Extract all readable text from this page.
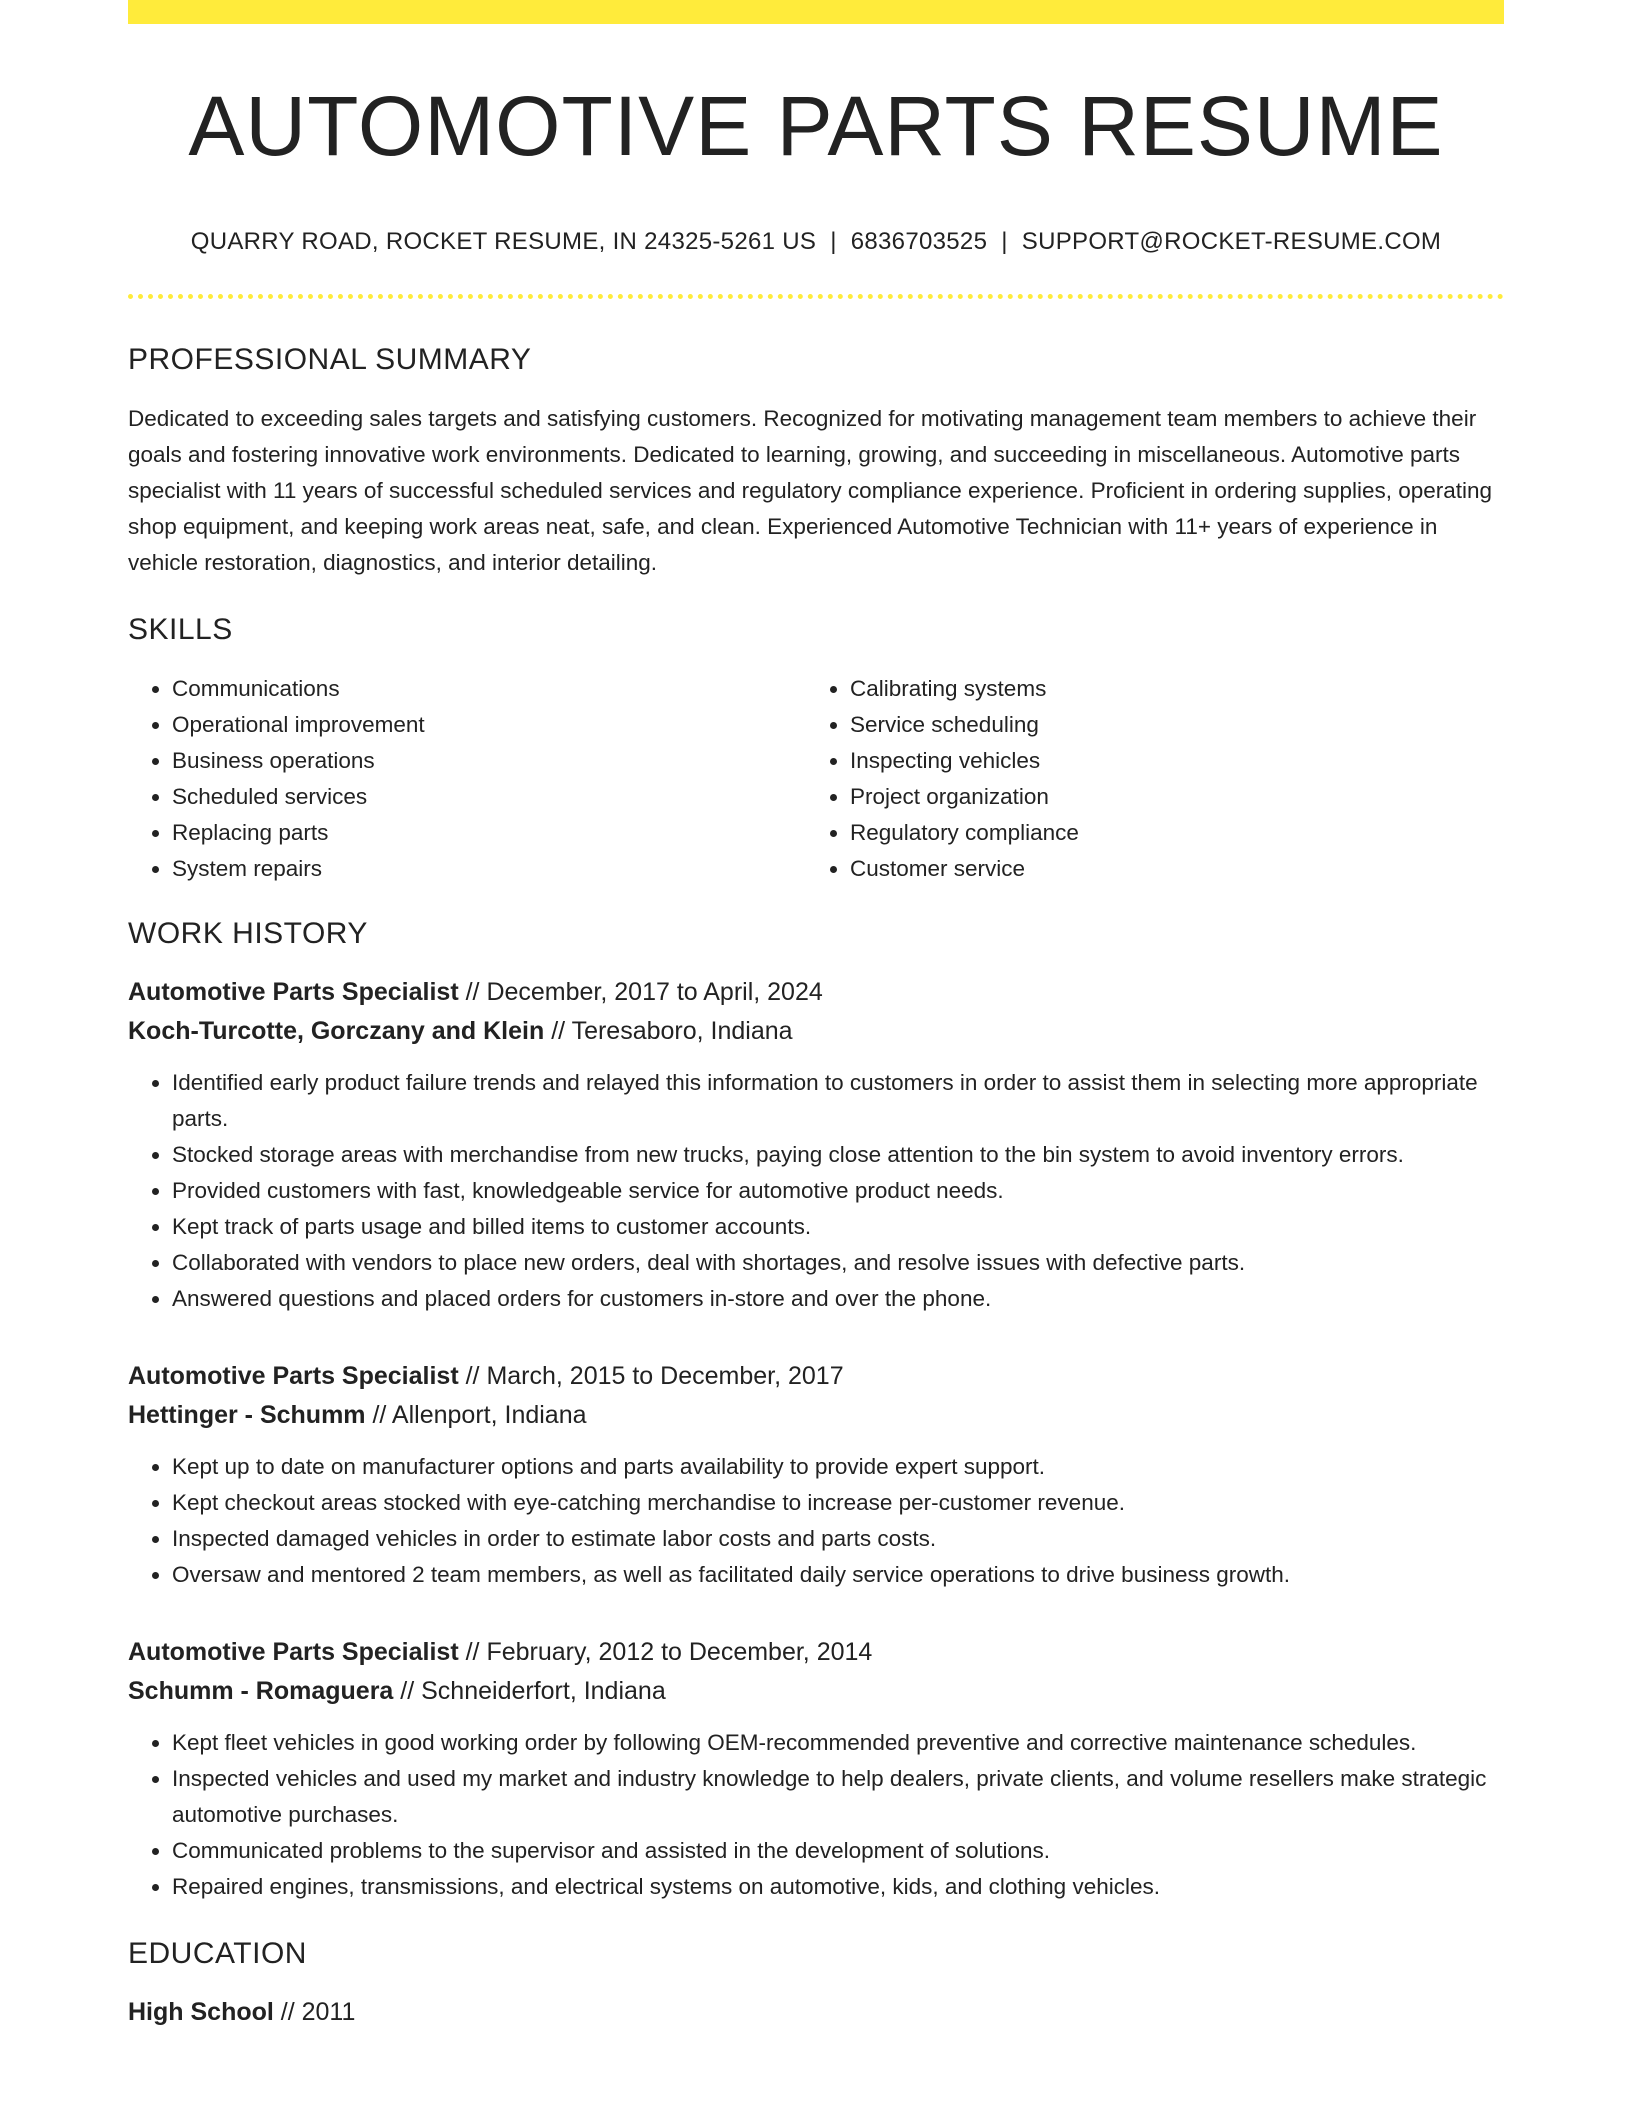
AUTOMOTIVE PARTS RESUME
QUARRY ROAD, ROCKET RESUME, IN 24325-5261 US | 6836703525 | SUPPORT@ROCKET-RESUME.COM
PROFESSIONAL SUMMARY
Dedicated to exceeding sales targets and satisfying customers. Recognized for motivating management team members to achieve their goals and fostering innovative work environments. Dedicated to learning, growing, and succeeding in miscellaneous. Automotive parts specialist with 11 years of successful scheduled services and regulatory compliance experience. Proficient in ordering supplies, operating shop equipment, and keeping work areas neat, safe, and clean. Experienced Automotive Technician with 11+ years of experience in vehicle restoration, diagnostics, and interior detailing.
SKILLS
• Communications
• Operational improvement
• Business operations
• Scheduled services
• Replacing parts
• System repairs
• Calibrating systems
• Service scheduling
• Inspecting vehicles
• Project organization
• Regulatory compliance
• Customer service
WORK HISTORY
Automotive Parts Specialist // December, 2017 to April, 2024
Koch-Turcotte, Gorczany and Klein // Teresaboro, Indiana
• Identified early product failure trends and relayed this information to customers in order to assist them in selecting more appropriate parts.
• Stocked storage areas with merchandise from new trucks, paying close attention to the bin system to avoid inventory errors.
• Provided customers with fast, knowledgeable service for automotive product needs.
• Kept track of parts usage and billed items to customer accounts.
• Collaborated with vendors to place new orders, deal with shortages, and resolve issues with defective parts.
• Answered questions and placed orders for customers in-store and over the phone.
Automotive Parts Specialist // March, 2015 to December, 2017
Hettinger - Schumm // Allenport, Indiana
• Kept up to date on manufacturer options and parts availability to provide expert support.
• Kept checkout areas stocked with eye-catching merchandise to increase per-customer revenue.
• Inspected damaged vehicles in order to estimate labor costs and parts costs.
• Oversaw and mentored 2 team members, as well as facilitated daily service operations to drive business growth.
Automotive Parts Specialist // February, 2012 to December, 2014
Schumm - Romaguera // Schneiderfort, Indiana
• Kept fleet vehicles in good working order by following OEM-recommended preventive and corrective maintenance schedules.
• Inspected vehicles and used my market and industry knowledge to help dealers, private clients, and volume resellers make strategic automotive purchases.
• Communicated problems to the supervisor and assisted in the development of solutions.
• Repaired engines, transmissions, and electrical systems on automotive, kids, and clothing vehicles.
EDUCATION
High School // 2011
